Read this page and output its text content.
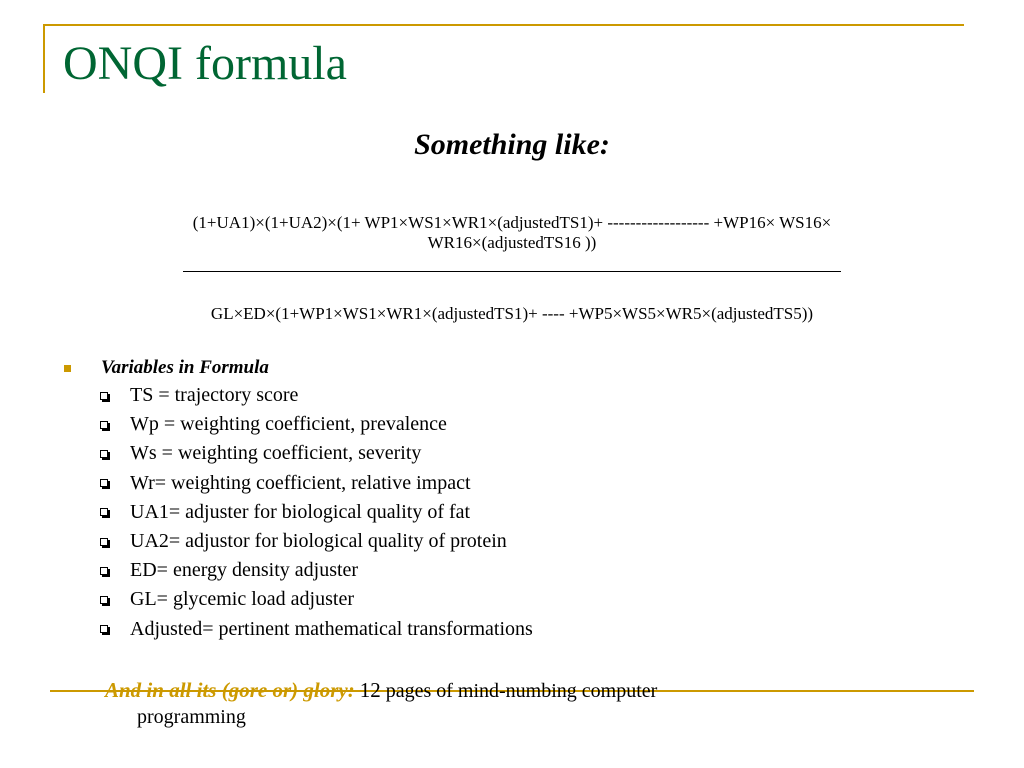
ONQI formula
Something like:
(1+UA1)×(1+UA2)×(1+ WP1×WS1×WR1×(adjustedTS1)+ ------------------ +WP16× WS16× WR16×(adjustedTS16 ))
GL×ED×(1+WP1×WS1×WR1×(adjustedTS1)+ ---- +WP5×WS5×WR5×(adjustedTS5))
Variables in Formula
TS = trajectory score
Wp = weighting coefficient, prevalence
Ws = weighting coefficient, severity
Wr= weighting coefficient, relative impact
UA1= adjuster for biological quality of fat
UA2= adjustor for biological quality of protein
ED= energy density adjuster
GL= glycemic load adjuster
Adjusted= pertinent mathematical transformations
And in all its (gore or) glory: 12 pages of mind-numbing computer
programming
